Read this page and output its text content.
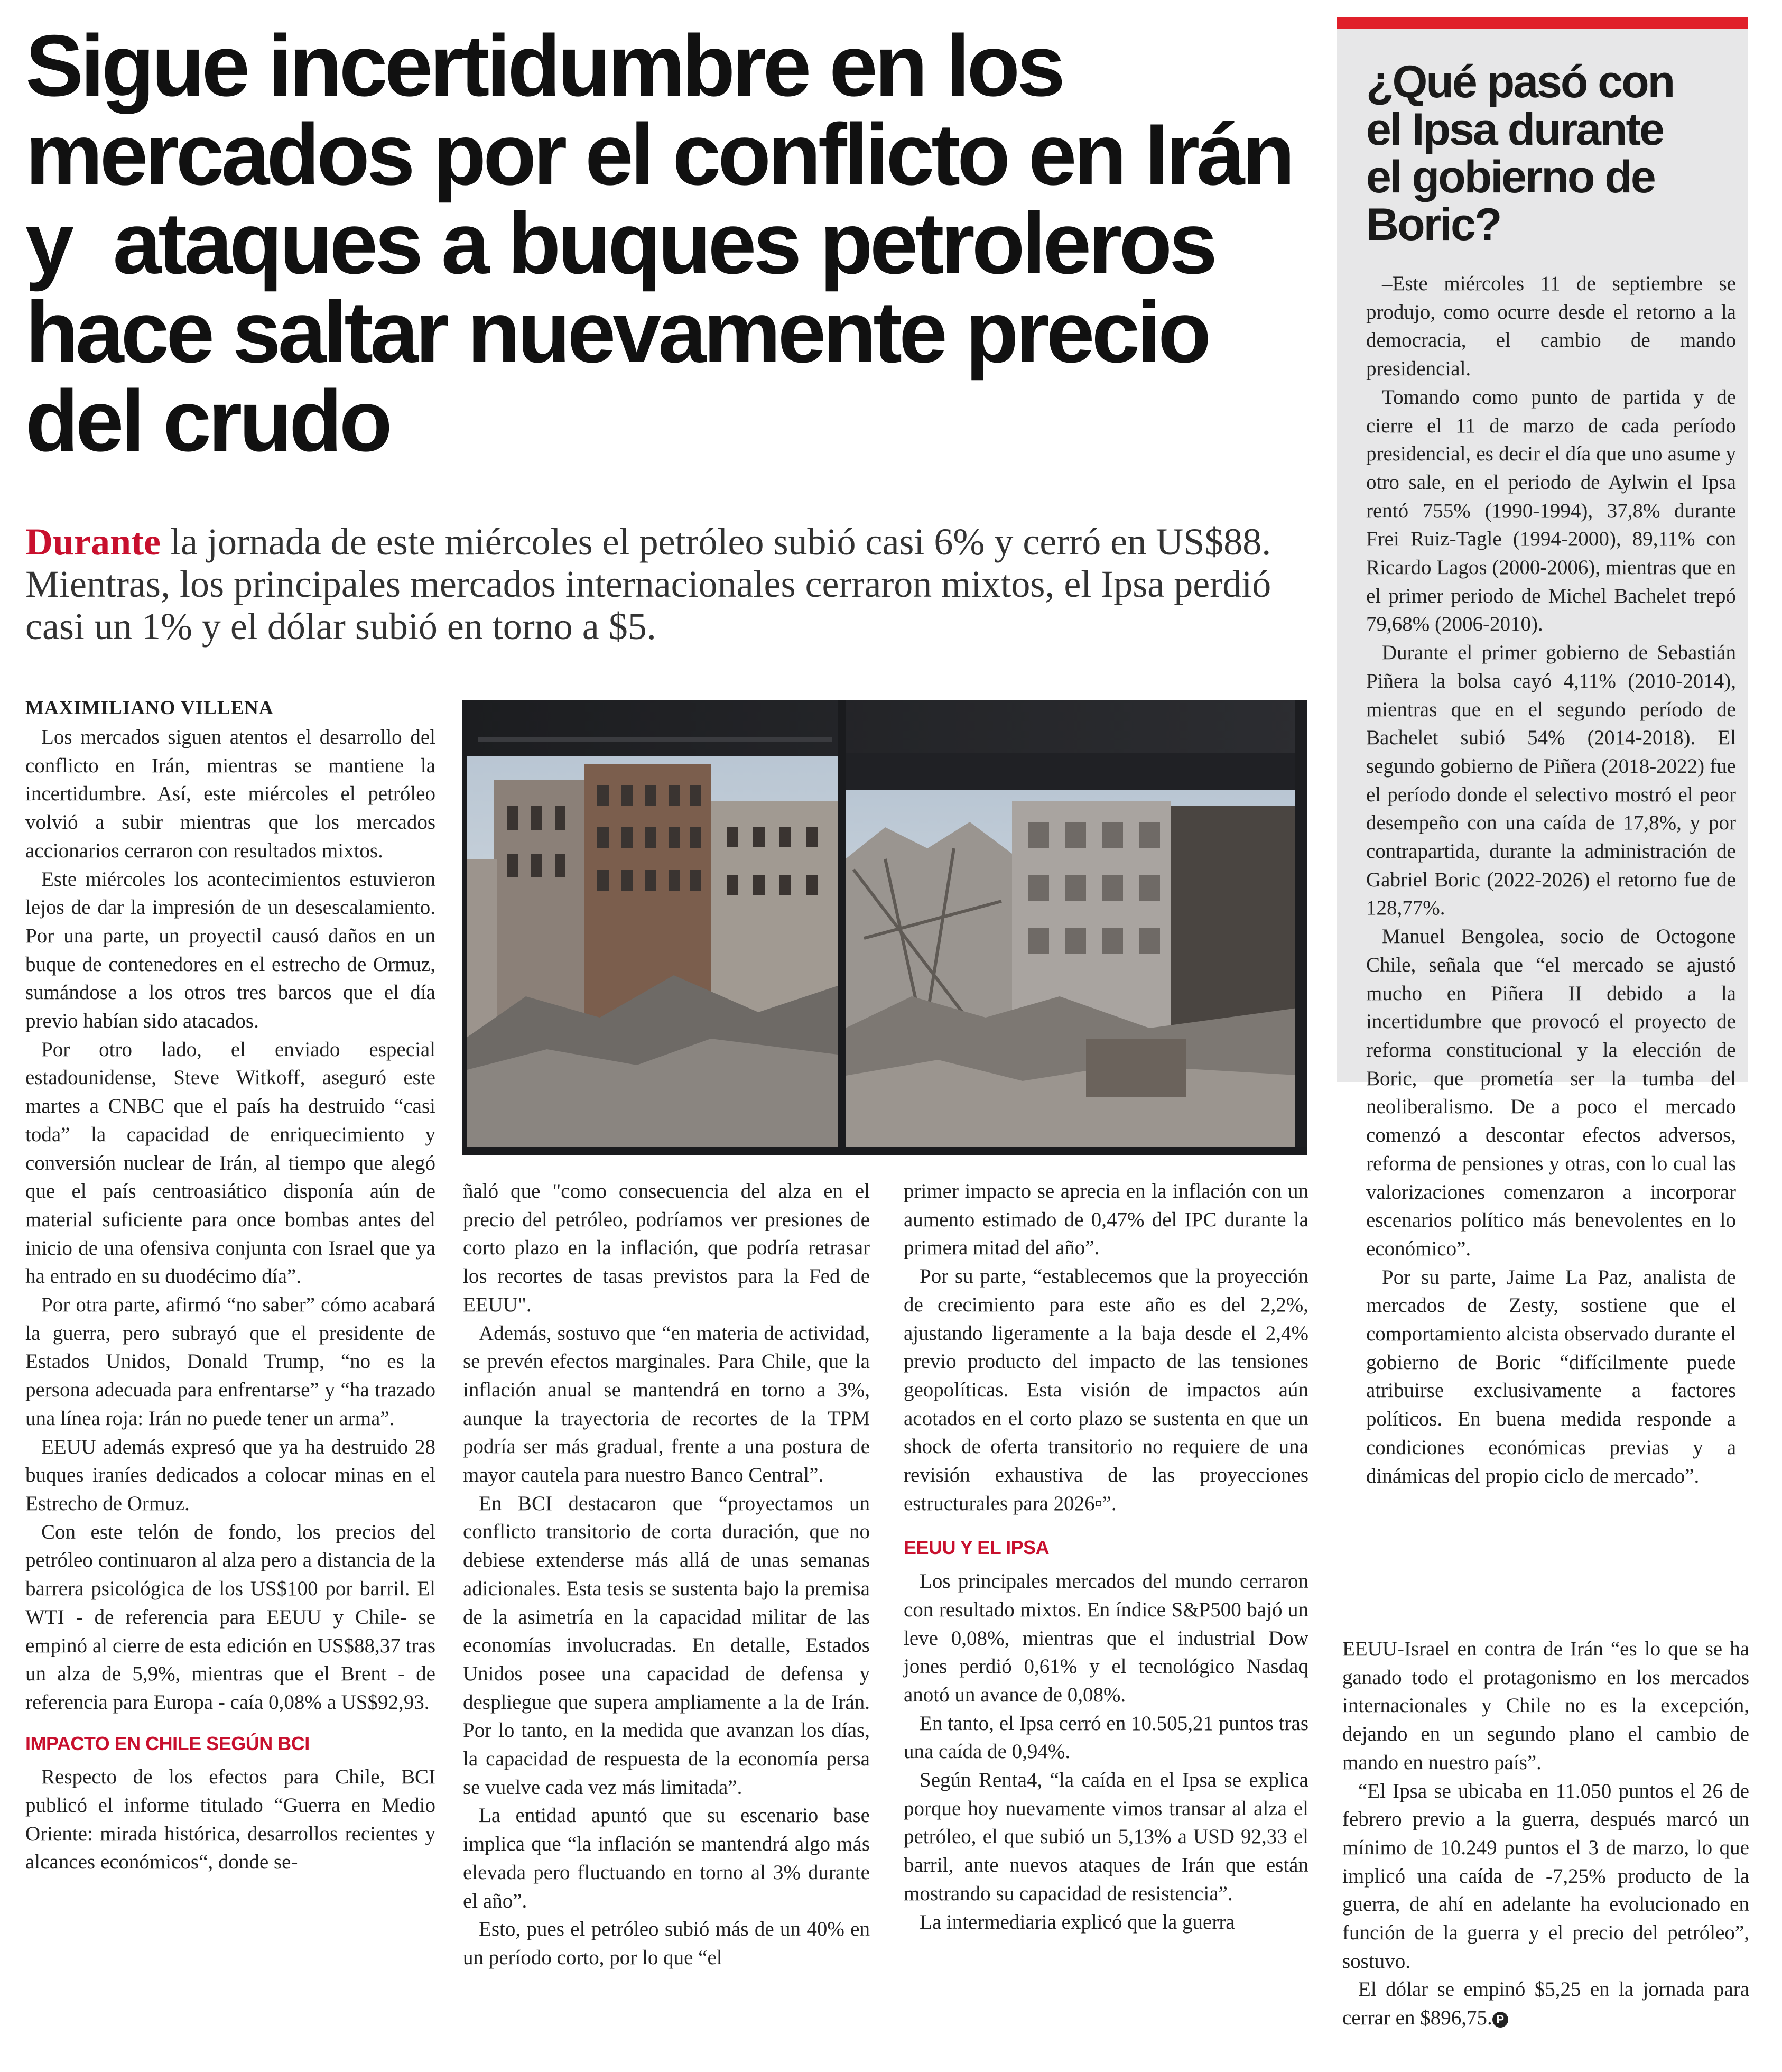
Sigue incertidumbre en los
mercados por el conflicto en Irán
y  ataques a buques petroleros
hace saltar nuevamente precio
del crudo
Durante la jornada de este miércoles el petróleo subió casi 6% y cerró en US$88.
Mientras, los principales mercados internacionales cerraron mixtos, el Ipsa perdió
casi un 1% y el dólar subió en torno a $5.
MAXIMILIANO VILLENA

Los mercados siguen atentos el desarrollo del conflicto en Irán, mientras se mantiene la incertidumbre. Así, este miércoles el petróleo volvió a subir mientras que los mercados accionarios cerraron con resultados mixtos.

Este miércoles los acontecimientos estuvieron lejos de dar la impresión de un desescalamiento. Por una parte, un proyectil causó daños en un buque de contenedores en el estrecho de Ormuz, sumándose a los otros tres barcos que el día previo habían sido atacados.

Por otro lado, el enviado especial estadounidense, Steve Witkoff, aseguró este martes a CNBC que el país ha destruido “casi toda” la capacidad de enriquecimiento y conversión nuclear de Irán, al tiempo que alegó que el país centroasiático disponía aún de material suficiente para once bombas antes del inicio de una ofensiva conjunta con Israel que ya ha entrado en su duodécimo día”.

Por otra parte, afirmó “no saber” cómo acabará la guerra, pero subrayó que el presidente de Estados Unidos, Donald Trump, “no es la persona adecuada para enfrentarse” y “ha trazado una línea roja: Irán no puede tener un arma”.

EEUU además expresó que ya ha destruido 28 buques iraníes dedicados a colocar minas en el Estrecho de Ormuz.

Con este telón de fondo, los precios del petróleo continuaron al alza pero a distancia de la barrera psicológica de los US$100 por barril. El WTI - de referencia para EEUU y Chile- se empinó al cierre de esta edición en US$88,37 tras un alza de 5,9%, mientras que el Brent - de referencia para Europa - caía 0,08% a US$92,93.

IMPACTO EN CHILE SEGÚN BCI

Respecto de los efectos para Chile, BCI publicó el informe titulado “Guerra en Medio Oriente: mirada histórica, desarrollos recientes y alcances económicos“, donde se-

ñaló que "como consecuencia del alza en el precio del petróleo, podríamos ver presiones de corto plazo en la inflación, que podría retrasar los recortes de tasas previstos para la Fed de EEUU".

Además, sostuvo que “en materia de actividad, se prevén efectos marginales. Para Chile, que la inflación anual se mantendrá en torno a 3%, aunque la trayectoria de recortes de la TPM podría ser más gradual, frente a una postura de mayor cautela para nuestro Banco Central”.

En BCI destacaron que “proyectamos un conflicto transitorio de corta duración, que no debiese extenderse más allá de unas semanas adicionales. Esta tesis se sustenta bajo la premisa de la asimetría en la capacidad militar de las economías involucradas. En detalle, Estados Unidos posee una capacidad de defensa y despliegue que supera ampliamente a la de Irán. Por lo tanto, en la medida que avanzan los días, la capacidad de respuesta de la economía persa se vuelve cada vez más limitada”.

La entidad apuntó que su escenario base implica que “la inflación se mantendrá algo más elevada pero fluctuando en torno al 3% durante el año”.

Esto, pues el petróleo subió más de un 40% en un período corto, por lo que “el

primer impacto se aprecia en la inflación con un aumento estimado de 0,47% del IPC durante la primera mitad del año”.

Por su parte, “establecemos que la proyección de crecimiento para este año es del 2,2%, ajustando ligeramente a la baja desde el 2,4% previo producto del impacto de las tensiones geopolíticas. Esta visión de impactos aún acotados en el corto plazo se sustenta en que un shock de oferta transitorio no requiere de una revisión exhaustiva de las proyecciones estructurales para 2026▫”.

EEUU Y EL IPSA

Los principales mercados del mundo cerraron con resultado mixtos. En índice S&P500 bajó un leve 0,08%, mientras que el industrial Dow jones perdió 0,61% y el tecnológico Nasdaq anotó un avance de 0,08%.

En tanto, el Ipsa cerró en 10.505,21 puntos tras una caída de 0,94%.

Según Renta4, “la caída en el Ipsa se explica porque hoy nuevamente vimos transar al alza el petróleo, el que subió un 5,13% a USD 92,33 el barril, ante nuevos ataques de Irán que están mostrando su capacidad de resistencia”.

La intermediaria explicó que la guerra

¿Qué pasó con
el Ipsa durante
el gobierno de
Boric?

–Este miércoles 11 de septiembre se produjo, como ocurre desde el retorno a la democracia, el cambio de mando presidencial.

Tomando como punto de partida y de cierre el 11 de marzo de cada período presidencial, es decir el día que uno asume y otro sale, en el periodo de Aylwin el Ipsa rentó 755% (1990-1994), 37,8% durante Frei Ruiz-Tagle (1994-2000), 89,11% con Ricardo Lagos (2000-2006), mientras que en el primer periodo de Michel Bachelet trepó 79,68% (2006-2010).

Durante el primer gobierno de Sebastián Piñera la bolsa cayó 4,11% (2010-2014), mientras que en el segundo período de Bachelet subió 54% (2014-2018). El segundo gobierno de Piñera (2018-2022) fue el período donde el selectivo mostró el peor desempeño con una caída de 17,8%, y por contrapartida, durante la administración de Gabriel Boric (2022-2026) el retorno fue de 128,77%.

Manuel Bengolea, socio de Octogone Chile, señala que “el mercado se ajustó mucho en Piñera II debido a la incertidumbre que provocó el proyecto de reforma constitucional y la elección de Boric, que prometía ser la tumba del neoliberalismo. De a poco el mercado comenzó a descontar efectos adversos, reforma de pensiones y otras, con lo cual las valorizaciones comenzaron a incorporar escenarios político más benevolentes en lo económico”.

Por su parte, Jaime La Paz, analista de mercados de Zesty, sostiene que el comportamiento alcista observado durante el gobierno de Boric “difícilmente puede atribuirse exclusivamente a factores políticos. En buena medida responde a condiciones económicas previas y a dinámicas del propio ciclo de mercado”.

EEUU-Israel en contra de Irán “es lo que se ha ganado todo el protagonismo en los mercados internacionales y Chile no es la excepción, dejando en un segundo plano el cambio de mando en nuestro país”.

“El Ipsa se ubicaba en 11.050 puntos el 26 de febrero previo a la guerra, después marcó un mínimo de 10.249 puntos el 3 de marzo, lo que implicó una caída de -7,25% producto de la guerra, de ahí en adelante ha evolucionado en función de la guerra y el precio del petróleo”, sostuvo.

El dólar se empinó $5,25 en la jornada para cerrar en $896,75. P
